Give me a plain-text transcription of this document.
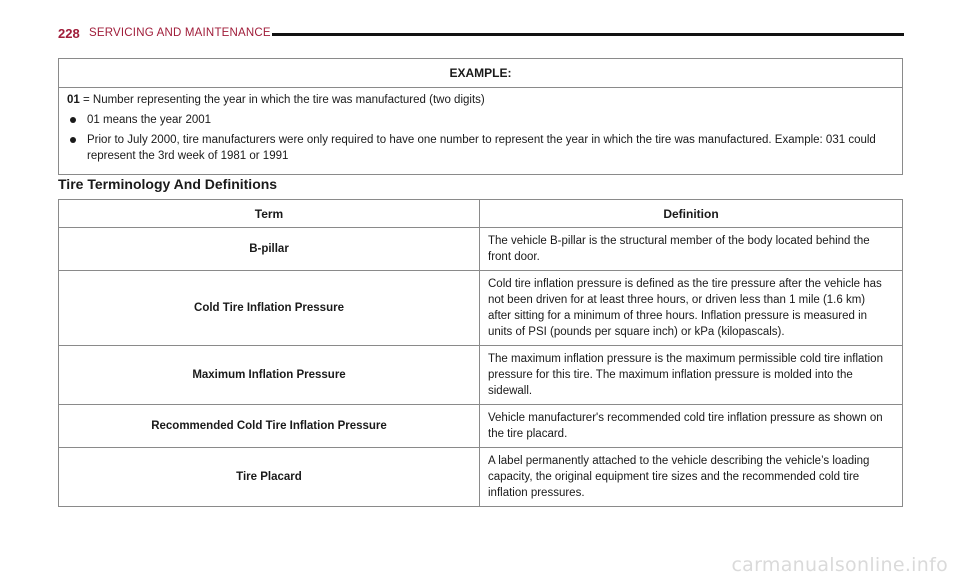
228 SERVICING AND MAINTENANCE
EXAMPLE:

01 = Number representing the year in which the tire was manufactured (two digits)

01 means the year 2001

Prior to July 2000, tire manufacturers were only required to have one number to represent the year in which the tire was manufactured. Example: 031 could represent the 3rd week of 1981 or 1991

Tire Terminology And Definitions
Term	Definition
B-pillar	The vehicle B-pillar is the structural member of the body located behind the front door.
Cold Tire Inflation Pressure	Cold tire inflation pressure is defined as the tire pressure after the vehicle has not been driven for at least three hours, or driven less than 1 mile (1.6 km) after sitting for a minimum of three hours. Inflation pressure is measured in units of PSI (pounds per square inch) or kPa (kilopascals).
Maximum Inflation Pressure	The maximum inflation pressure is the maximum permissible cold tire inflation pressure for this tire. The maximum inflation pressure is molded into the sidewall.
Recommended Cold Tire Inflation Pressure	Vehicle manufacturer's recommended cold tire inflation pressure as shown on the tire placard.
Tire Placard	A label permanently attached to the vehicle describing the vehicle’s loading capacity, the original equipment tire sizes and the recommended cold tire inflation pressures.
carmanualsonline.info
